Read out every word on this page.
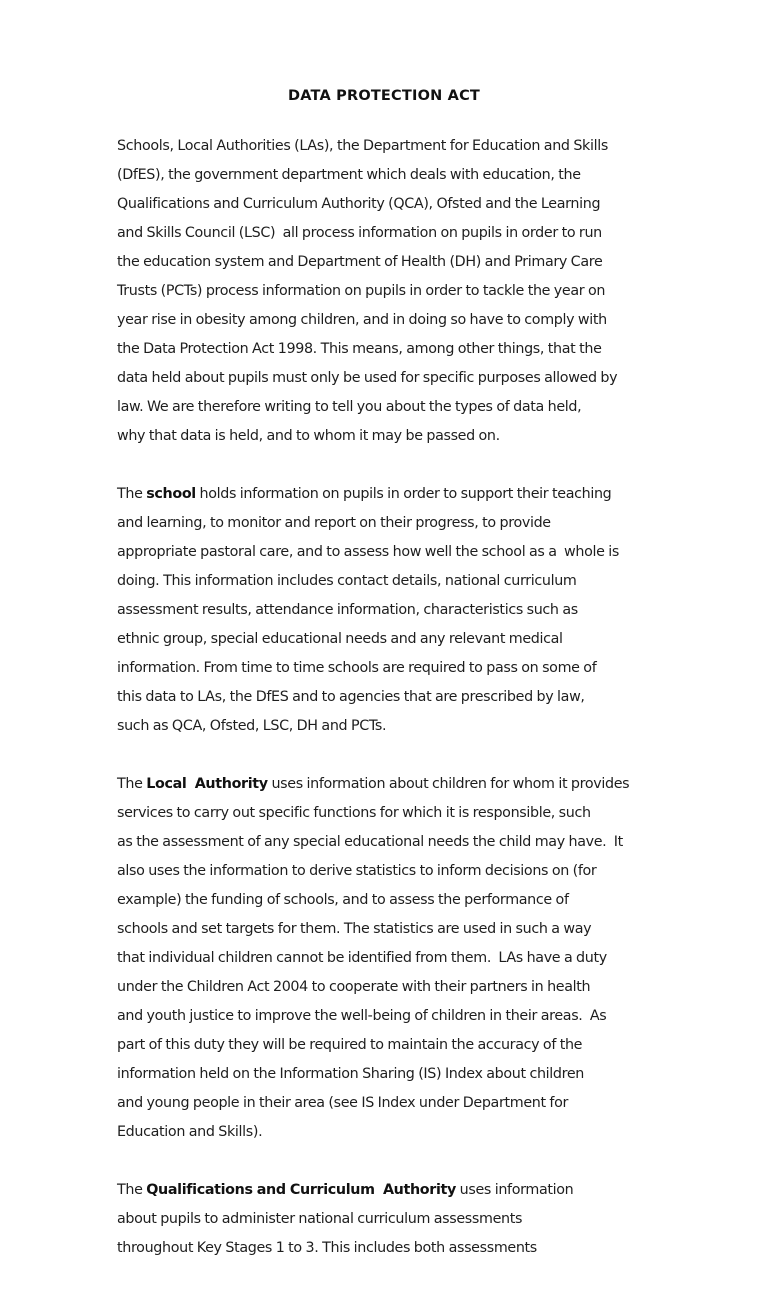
DATA PROTECTION ACT
Schools, Local Authorities (LAs), the Department for Education and Skills
(DfES), the government department which deals with education, the
Qualifications and Curriculum Authority (QCA), Ofsted and the Learning
and Skills Council (LSC)  all process information on pupils in order to run
the education system and Department of Health (DH) and Primary Care
Trusts (PCTs) process information on pupils in order to tackle the year on
year rise in obesity among children, and in doing so have to comply with
the Data Protection Act 1998. This means, among other things, that the
data held about pupils must only be used for specific purposes allowed by
law. We are therefore writing to tell you about the types of data held,
why that data is held, and to whom it may be passed on.
The school holds information on pupils in order to support their teaching
and learning, to monitor and report on their progress, to provide
appropriate pastoral care, and to assess how well the school as a  whole is
doing. This information includes contact details, national curriculum
assessment results, attendance information, characteristics such as
ethnic group, special educational needs and any relevant medical
information. From time to time schools are required to pass on some of
this data to LAs, the DfES and to agencies that are prescribed by law,
such as QCA, Ofsted, LSC, DH and PCTs.
The Local  Authority uses information about children for whom it provides
services to carry out specific functions for which it is responsible, such
as the assessment of any special educational needs the child may have.  It
also uses the information to derive statistics to inform decisions on (for
example) the funding of schools, and to assess the performance of
schools and set targets for them. The statistics are used in such a way
that individual children cannot be identified from them.  LAs have a duty
under the Children Act 2004 to cooperate with their partners in health
and youth justice to improve the well-being of children in their areas.  As
part of this duty they will be required to maintain the accuracy of the
information held on the Information Sharing (IS) Index about children
and young people in their area (see IS Index under Department for
Education and Skills).
The Qualifications and Curriculum  Authority uses information
about pupils to administer national curriculum assessments
throughout Key Stages 1 to 3. This includes both assessments
